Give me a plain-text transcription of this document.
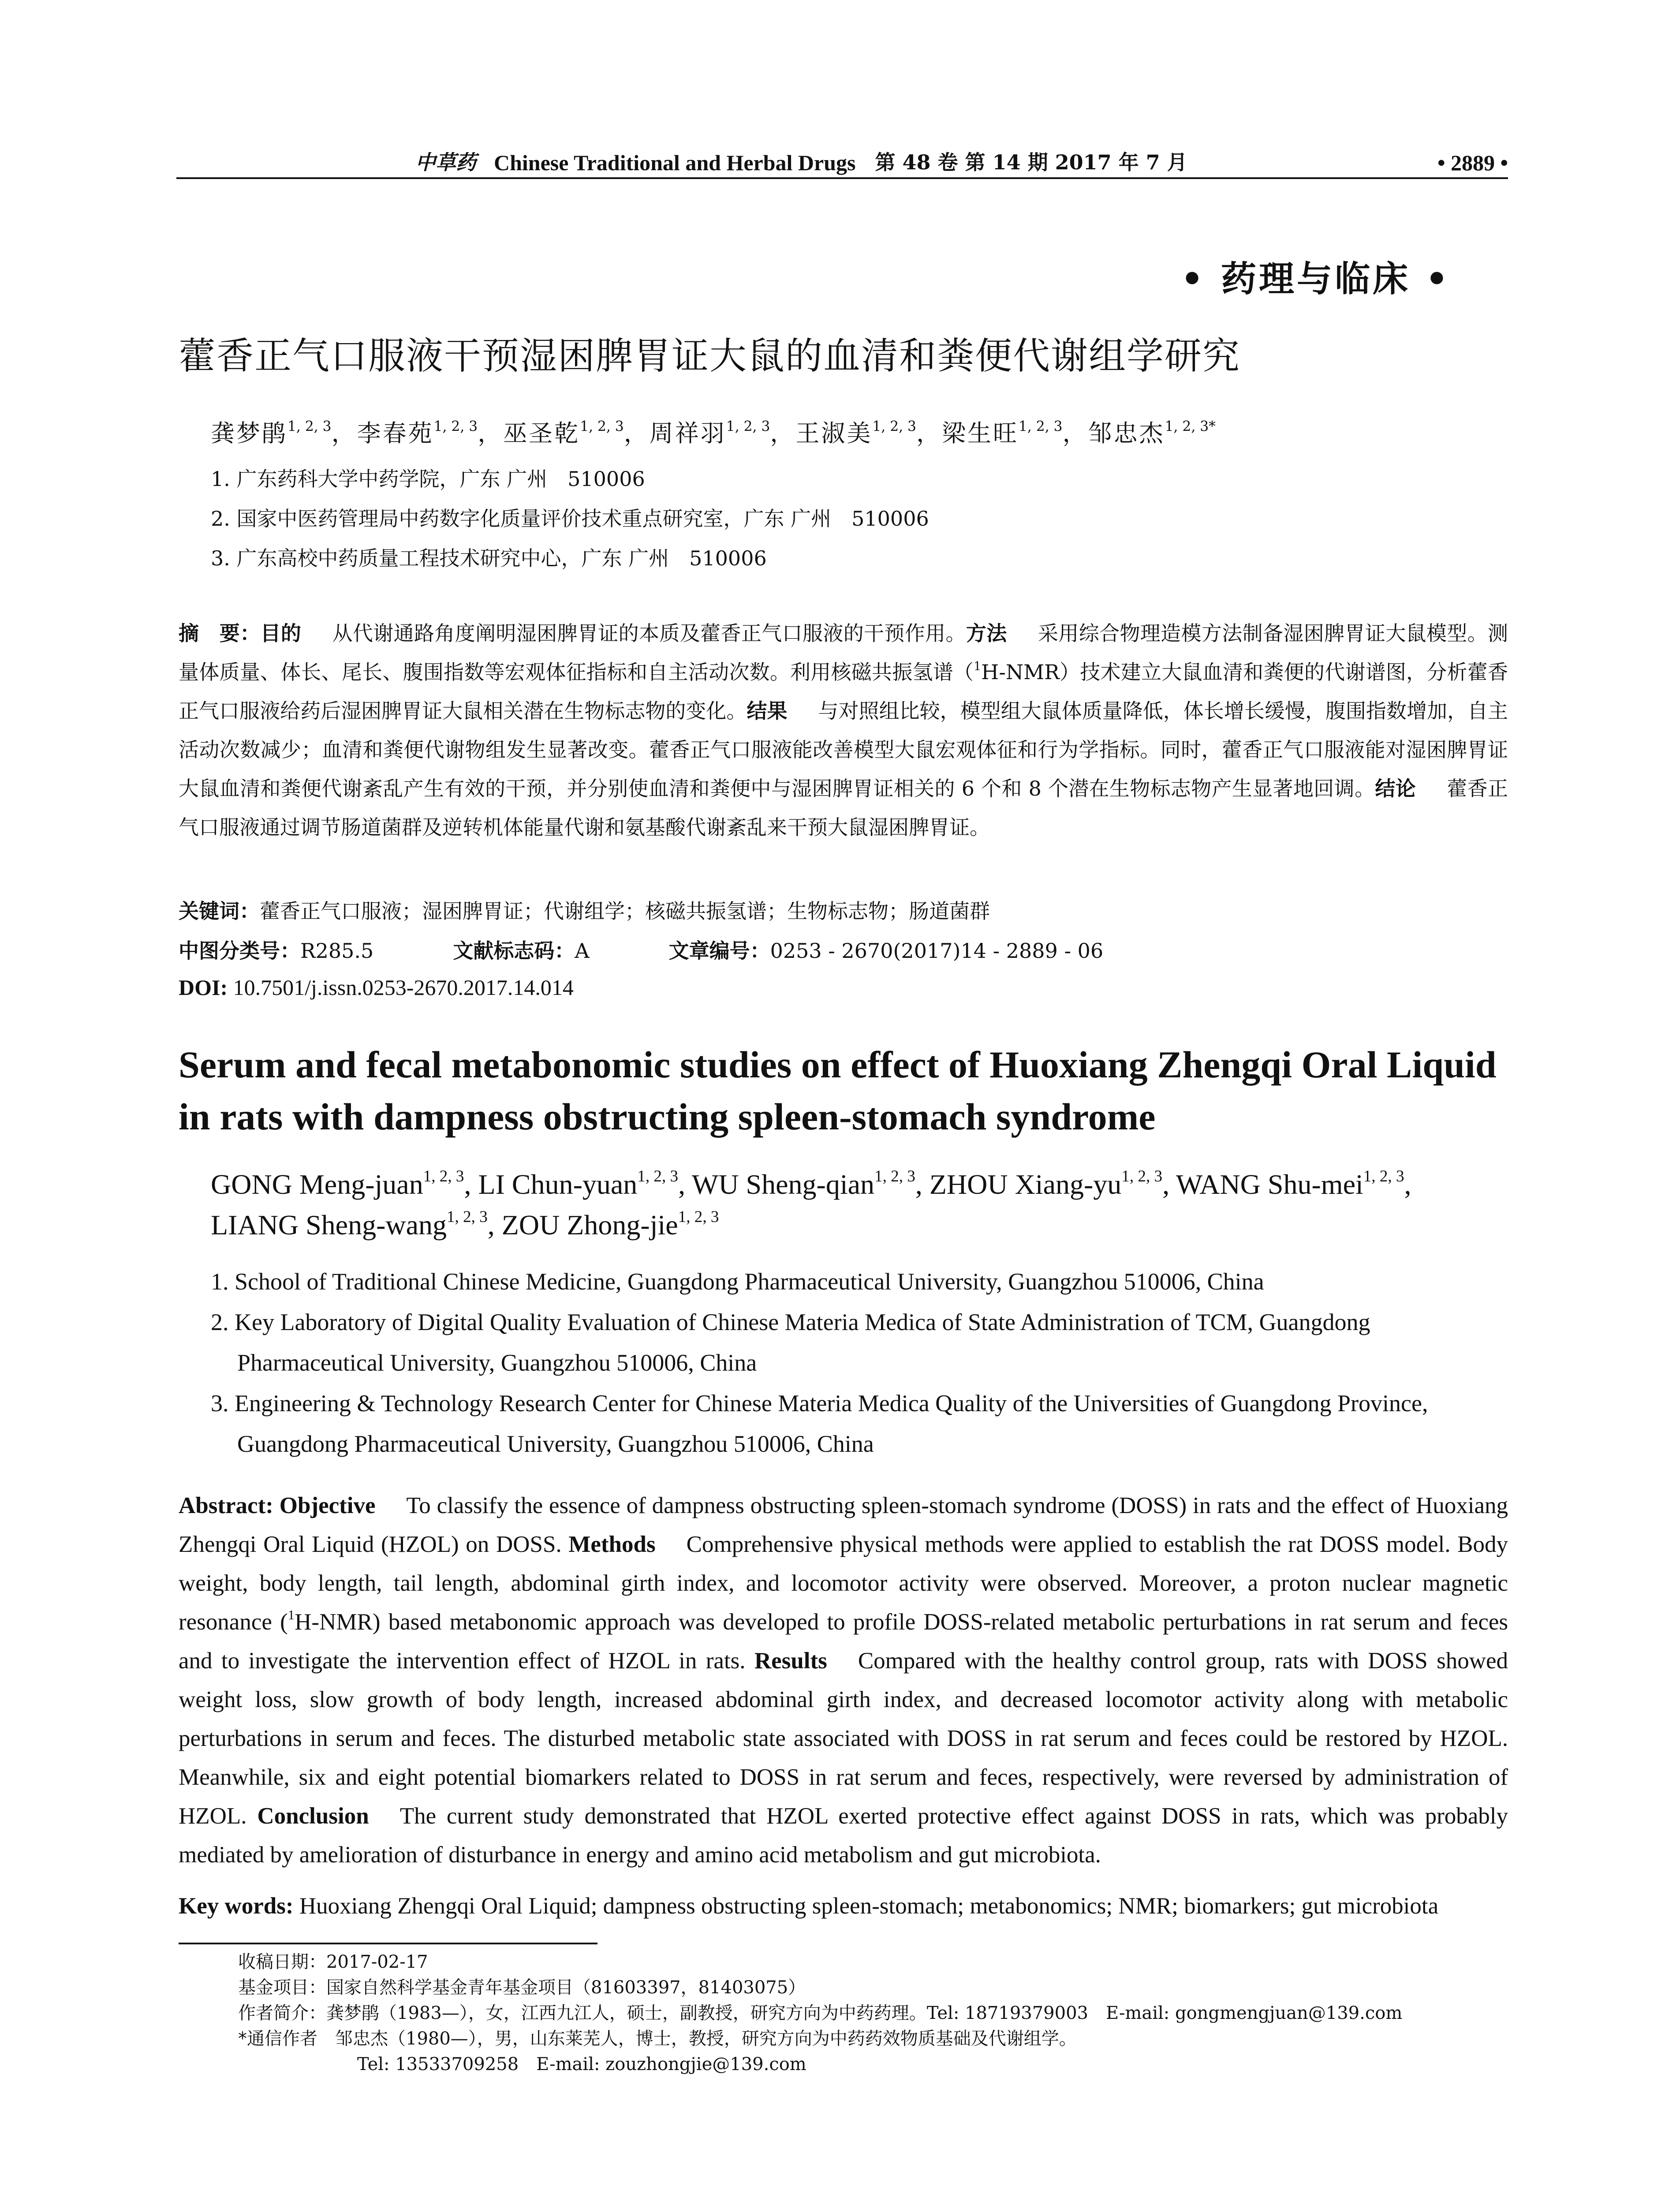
中草药 Chinese Traditional and Herbal Drugs 第 48 卷 第 14 期 2017 年 7 月	• 2889 •
• 药理与临床 •
藿香正气口服液干预湿困脾胃证大鼠的血清和粪便代谢组学研究
龚梦鹃$^{1, 2, 3}$，李春苑$^{1, 2, 3}$，巫圣乾$^{1, 2, 3}$，周祥羽$^{1, 2, 3}$，王淑美$^{1, 2, 3}$，梁生旺$^{1, 2, 3}$，邹忠杰$^{1, 2, 3*}$
1. 广东药科大学中药学院，广东 广州　510006
2. 国家中医药管理局中药数字化质量评价技术重点研究室，广东 广州　510006
3. 广东高校中药质量工程技术研究中心，广东 广州　510006
摘　要：目的 从代谢通路角度阐明湿困脾胃证的本质及藿香正气口服液的干预作用。方法 采用综合物理造模方法制备湿困脾胃证大鼠模型。测量体质量、体长、尾长、腹围指数等宏观体征指标和自主活动次数。利用核磁共振氢谱（$^1$H-NMR）技术建立大鼠血清和粪便的代谢谱图，分析藿香正气口服液给药后湿困脾胃证大鼠相关潜在生物标志物的变化。结果 与对照组比较，模型组大鼠体质量降低，体长增长缓慢，腹围指数增加，自主活动次数减少；血清和粪便代谢物组发生显著改变。藿香正气口服液能改善模型大鼠宏观体征和行为学指标。同时，藿香正气口服液能对湿困脾胃证大鼠血清和粪便代谢紊乱产生有效的干预，并分别使血清和粪便中与湿困脾胃证相关的 6 个和 8 个潜在生物标志物产生显著地回调。结论 藿香正气口服液通过调节肠道菌群及逆转机体能量代谢和氨基酸代谢紊乱来干预大鼠湿困脾胃证。
关键词：藿香正气口服液；湿困脾胃证；代谢组学；核磁共振氢谱；生物标志物；肠道菌群
中图分类号：R285.5	文献标志码：A	文章编号：0253 - 2670(2017)14 - 2889 - 06
DOI: 10.7501/j.issn.0253-2670.2017.14.014
Serum and fecal metabonomic studies on effect of Huoxiang Zhengqi Oral Liquid in rats with dampness obstructing spleen-stomach syndrome
GONG Meng-juan$^{1, 2, 3}$, LI Chun-yuan$^{1, 2, 3}$, WU Sheng-qian$^{1, 2, 3}$, ZHOU Xiang-yu$^{1, 2, 3}$, WANG Shu-mei$^{1, 2, 3}$,
LIANG Sheng-wang$^{1, 2, 3}$, ZOU Zhong-jie$^{1, 2, 3}$
1. School of Traditional Chinese Medicine, Guangdong Pharmaceutical University, Guangzhou 510006, China
2. Key Laboratory of Digital Quality Evaluation of Chinese Materia Medica of State Administration of TCM, Guangdong
Pharmaceutical University, Guangzhou 510006, China
3. Engineering & Technology Research Center for Chinese Materia Medica Quality of the Universities of Guangdong Province,
Guangdong Pharmaceutical University, Guangzhou 510006, China
Abstract: Objective To classify the essence of dampness obstructing spleen-stomach syndrome (DOSS) in rats and the effect of Huoxiang Zhengqi Oral Liquid (HZOL) on DOSS. Methods Comprehensive physical methods were applied to establish the rat DOSS model. Body weight, body length, tail length, abdominal girth index, and locomotor activity were observed. Moreover, a proton nuclear magnetic resonance ($^1$H-NMR) based metabonomic approach was developed to profile DOSS-related metabolic perturbations in rat serum and feces and to investigate the intervention effect of HZOL in rats. Results Compared with the healthy control group, rats with DOSS showed weight loss, slow growth of body length, increased abdominal girth index, and decreased locomotor activity along with metabolic perturbations in serum and feces. The disturbed metabolic state associated with DOSS in rat serum and feces could be restored by HZOL. Meanwhile, six and eight potential biomarkers related to DOSS in rat serum and feces, respectively, were reversed by administration of HZOL. Conclusion The current study demonstrated that HZOL exerted protective effect against DOSS in rats, which was probably mediated by amelioration of disturbance in energy and amino acid metabolism and gut microbiota.
Key words: Huoxiang Zhengqi Oral Liquid; dampness obstructing spleen-stomach; metabonomics; NMR; biomarkers; gut microbiota
收稿日期：2017-02-17
基金项目：国家自然科学基金青年基金项目（81603397，81403075）
作者简介：龚梦鹃（1983—），女，江西九江人，硕士，副教授，研究方向为中药药理。Tel: 18719379003　E-mail: gongmengjuan@139.com
*通信作者　 邹忠杰（1980—），男，山东莱芜人，博士，教授，研究方向为中药药效物质基础及代谢组学。
Tel: 13533709258　E-mail: zouzhongjie@139.com
